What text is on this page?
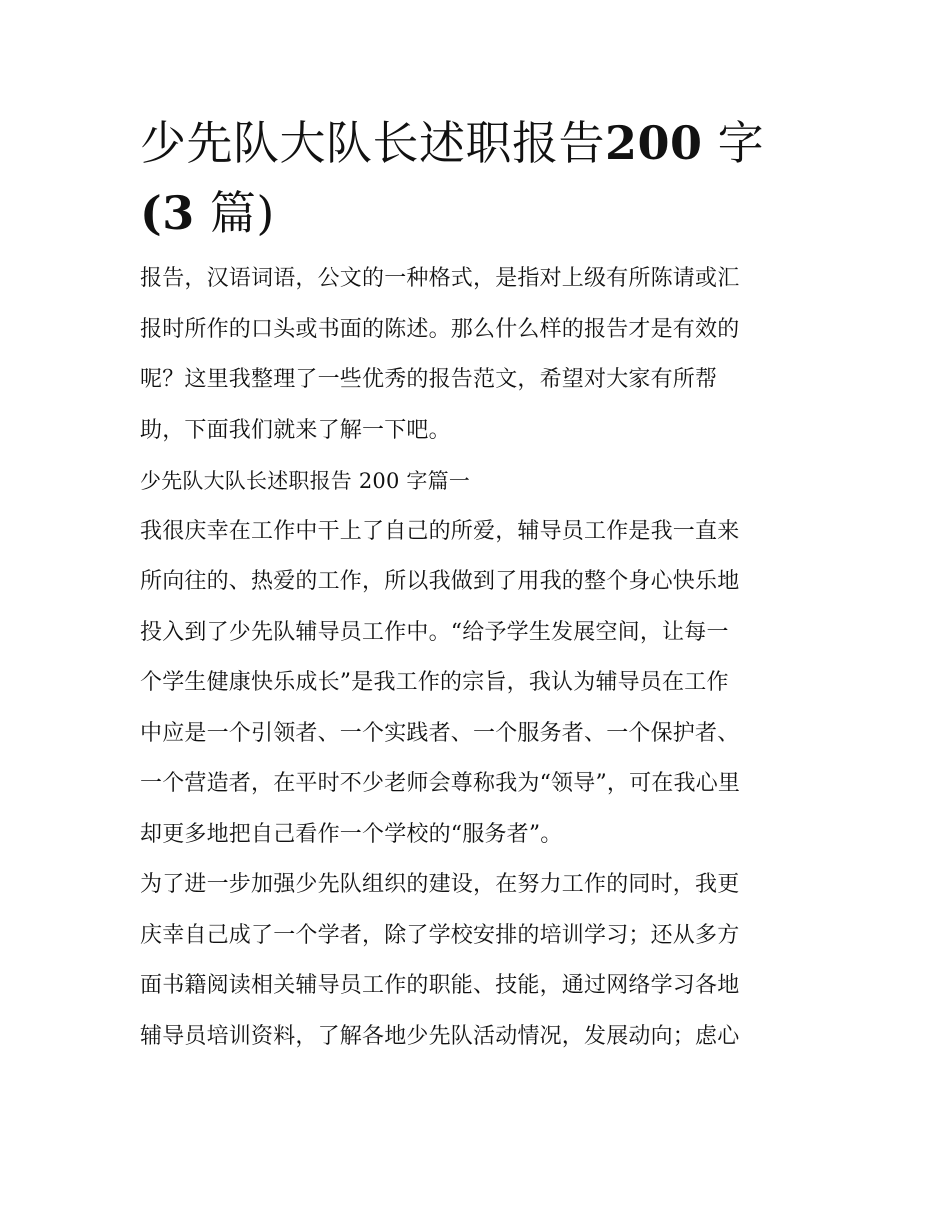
少先队大队长述职报告200 字
(3 篇)
报告，汉语词语，公文的一种格式，是指对上级有所陈请或汇
报时所作的口头或书面的陈述。那么什么样的报告才是有效的
呢？这里我整理了一些优秀的报告范文，希望对大家有所帮
助，下面我们就来了解一下吧。
少先队大队长述职报告 200 字篇一
我很庆幸在工作中干上了自己的所爱，辅导员工作是我一直来
所向往的、热爱的工作，所以我做到了用我的整个身心快乐地
投入到了少先队辅导员工作中。“给予学生发展空间，让每一
个学生健康快乐成长”是我工作的宗旨，我认为辅导员在工作
中应是一个引领者、一个实践者、一个服务者、一个保护者、
一个营造者，在平时不少老师会尊称我为“领导”，可在我心里
却更多地把自己看作一个学校的“服务者”。
为了进一步加强少先队组织的建设，在努力工作的同时，我更
庆幸自己成了一个学者，除了学校安排的培训学习；还从多方
面书籍阅读相关辅导员工作的职能、技能，通过网络学习各地
辅导员培训资料，了解各地少先队活动情况，发展动向；虑心
